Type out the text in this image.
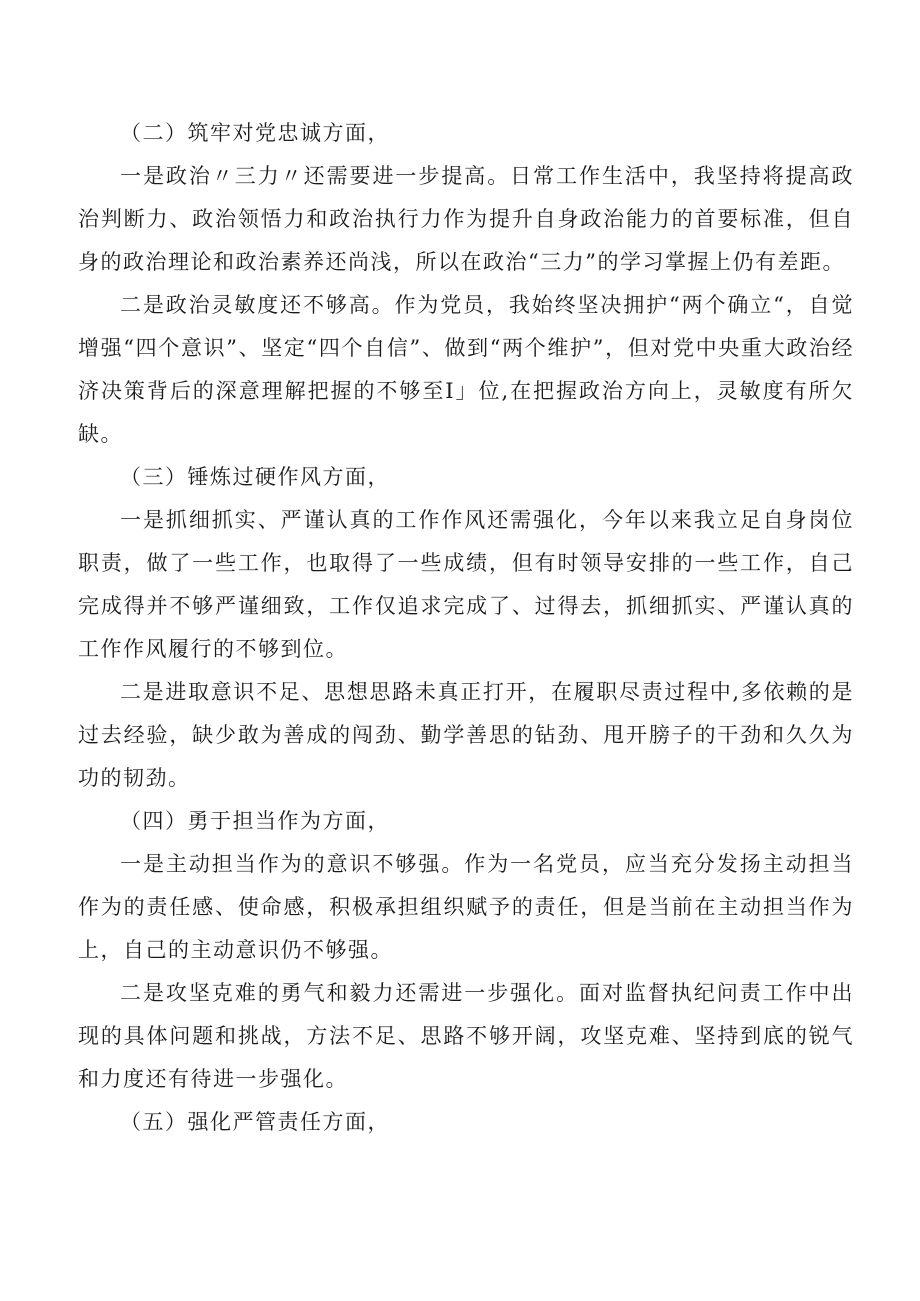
（二）筑牢对党忠诚方面，

一是政治〃三力〃还需要进一步提高。日常工作生活中，我坚持将提高政治判断力、政治领悟力和政治执行力作为提升自身政治能力的首要标准，但自身的政治理论和政治素养还尚浅，所以在政治“三力”的学习掌握上仍有差距。

二是政治灵敏度还不够高。作为党员，我始终坚决拥护“两个确立“，自觉增强“四个意识”、坚定“四个自信”、做到“两个维护”，但对党中央重大政治经济决策背后的深意理解把握的不够至I」位,在把握政治方向上，灵敏度有所欠缺。

（三）锤炼过硬作风方面，

一是抓细抓实、严谨认真的工作作风还需强化，今年以来我立足自身岗位职责，做了一些工作，也取得了一些成绩，但有时领导安排的一些工作，自己完成得并不够严谨细致，工作仅追求完成了、过得去，抓细抓实、严谨认真的工作作风履行的不够到位。

二是进取意识不足、思想思路未真正打开，在履职尽责过程中,多依赖的是过去经验，缺少敢为善成的闯劲、勤学善思的钻劲、甩开膀子的干劲和久久为功的韧劲。

（四）勇于担当作为方面，

一是主动担当作为的意识不够强。作为一名党员，应当充分发扬主动担当作为的责任感、使命感，积极承担组织赋予的责任，但是当前在主动担当作为上，自己的主动意识仍不够强。

二是攻坚克难的勇气和毅力还需进一步强化。面对监督执纪问责工作中出现的具体问题和挑战，方法不足、思路不够开阔，攻坚克难、坚持到底的锐气和力度还有待进一步强化。

（五）强化严管责任方面，
